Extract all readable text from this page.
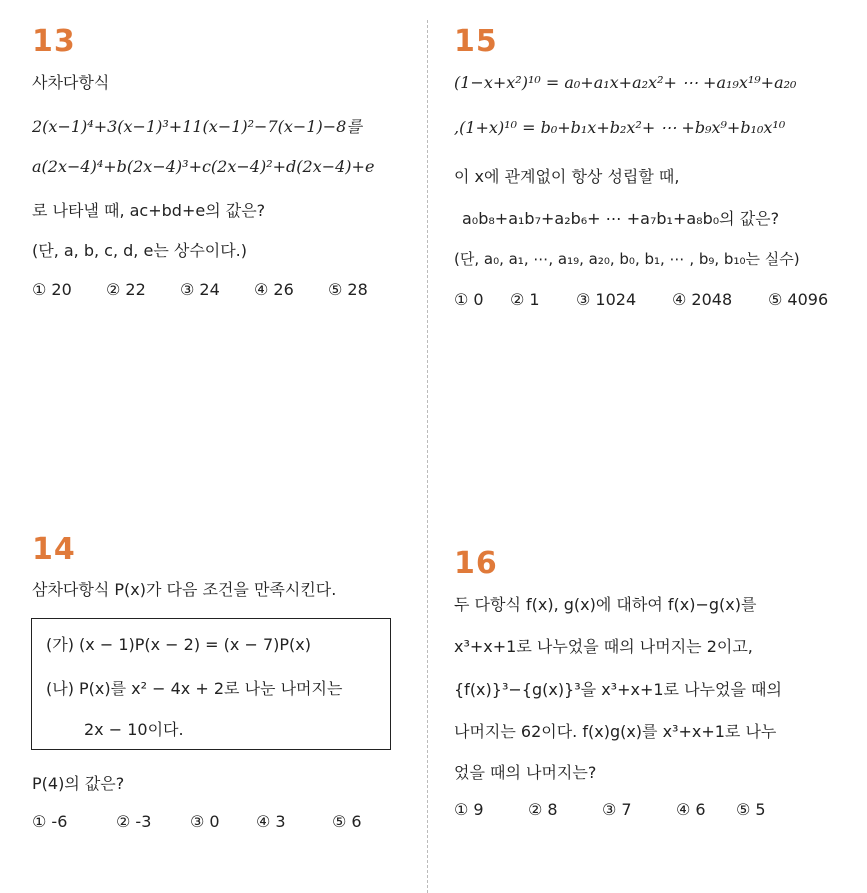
13
사차다항식
2(x−1)⁴+3(x−1)³+11(x−1)²−7(x−1)−8를
a(2x−4)⁴+b(2x−4)³+c(2x−4)²+d(2x−4)+e
로 나타낼 때, ac+bd+e의 값은?
(단, a, b, c, d, e는 상수이다.)
① 20 ② 22 ③ 24 ④ 26 ⑤ 28
14
삼차다항식 P(x)가 다음 조건을 만족시킨다.
(가) (x − 1)P(x − 2) = (x − 7)P(x)
(나) P(x)를 x² − 4x + 2로 나눈 나머지는
2x − 10이다.
P(4)의 값은?
① -6	② -3 ③ 0 ④ 3	⑤ 6
15
(1−x+x²)¹⁰ = a₀+a₁x+a₂x²+ ⋯ +a₁₉x¹⁹+a₂₀
,(1+x)¹⁰ = b₀+b₁x+b₂x²+ ⋯ +b₉x⁹+b₁₀x¹⁰
이 x에 관계없이 항상 성립할 때,
a₀b₈+a₁b₇+a₂b₆+ ⋯ +a₇b₁+a₈b₀의 값은?
(단, a₀, a₁, ⋯, a₁₉, a₂₀, b₀, b₁, ⋯ , b₉, b₁₀는 실수)
① 0 ② 1 ③ 1024 ④ 2048 ⑤ 4096
16
두 다항식 f(x), g(x)에 대하여 f(x)−g(x)를
x³+x+1로 나누었을 때의 나머지는 2이고,
{f(x)}³−{g(x)}³을 x³+x+1로 나누었을 때의
나머지는 62이다. f(x)g(x)를 x³+x+1로 나누
었을 때의 나머지는?
① 9	② 8	③ 7	④ 6 ⑤ 5
